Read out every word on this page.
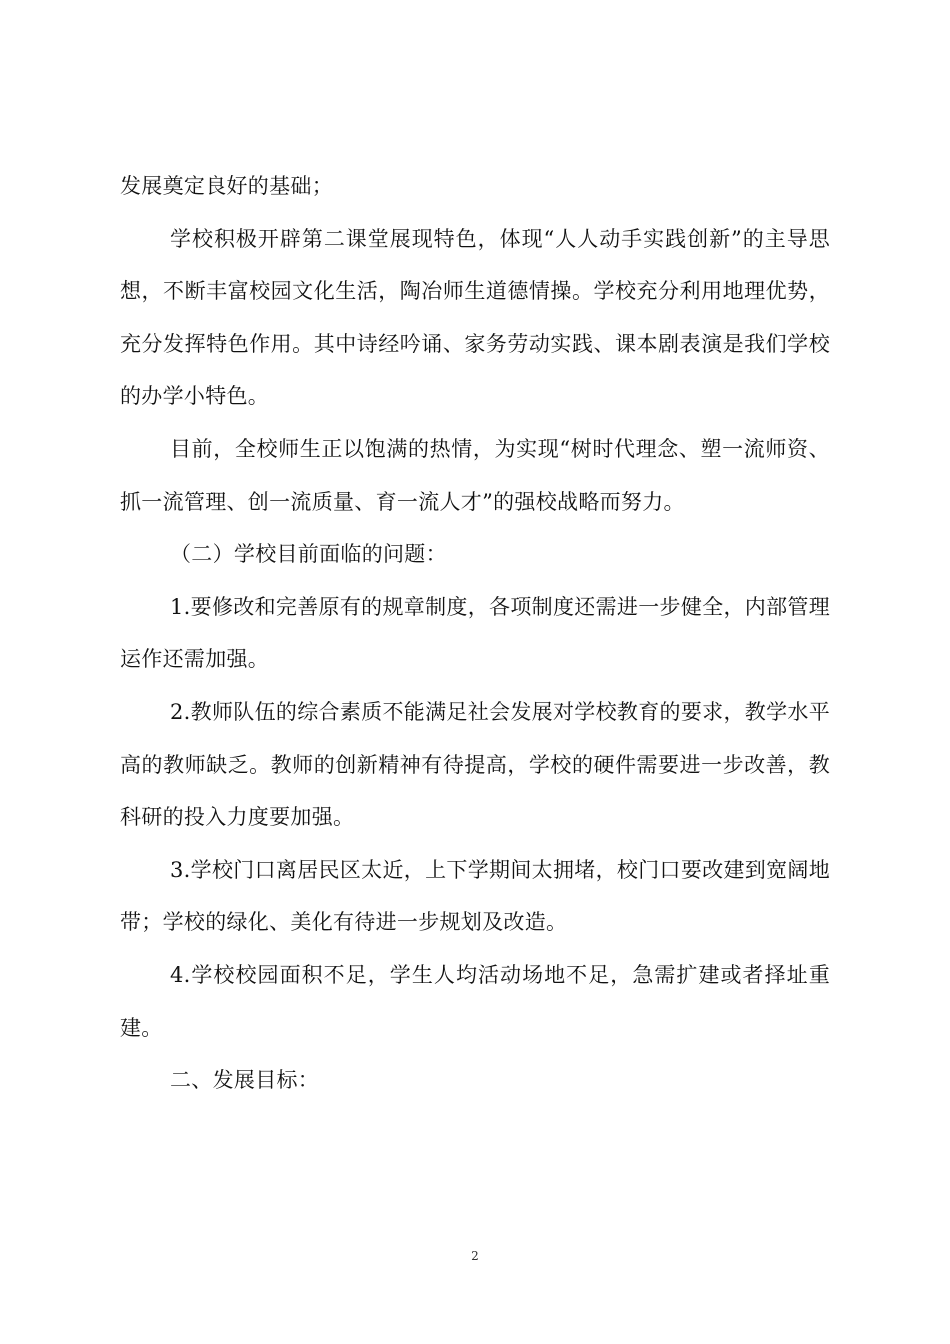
发展奠定良好的基础；

学校积极开辟第二课堂展现特色，体现“人人动手实践创新”的主导思想，不断丰富校园文化生活，陶冶师生道德情操。学校充分利用地理优势，充分发挥特色作用。其中诗经吟诵、家务劳动实践、课本剧表演是我们学校的办学小特色。

目前，全校师生正以饱满的热情，为实现“树时代理念、塑一流师资、抓一流管理、创一流质量、育一流人才”的强校战略而努力。

（二）学校目前面临的问题：

1.要修改和完善原有的规章制度，各项制度还需进一步健全，内部管理运作还需加强。

2.教师队伍的综合素质不能满足社会发展对学校教育的要求，教学水平高的教师缺乏。教师的创新精神有待提高，学校的硬件需要进一步改善，教科研的投入力度要加强。

3.学校门口离居民区太近，上下学期间太拥堵，校门口要改建到宽阔地带；学校的绿化、美化有待进一步规划及改造。

4.学校校园面积不足，学生人均活动场地不足，急需扩建或者择址重建。

二、发展目标：

2
